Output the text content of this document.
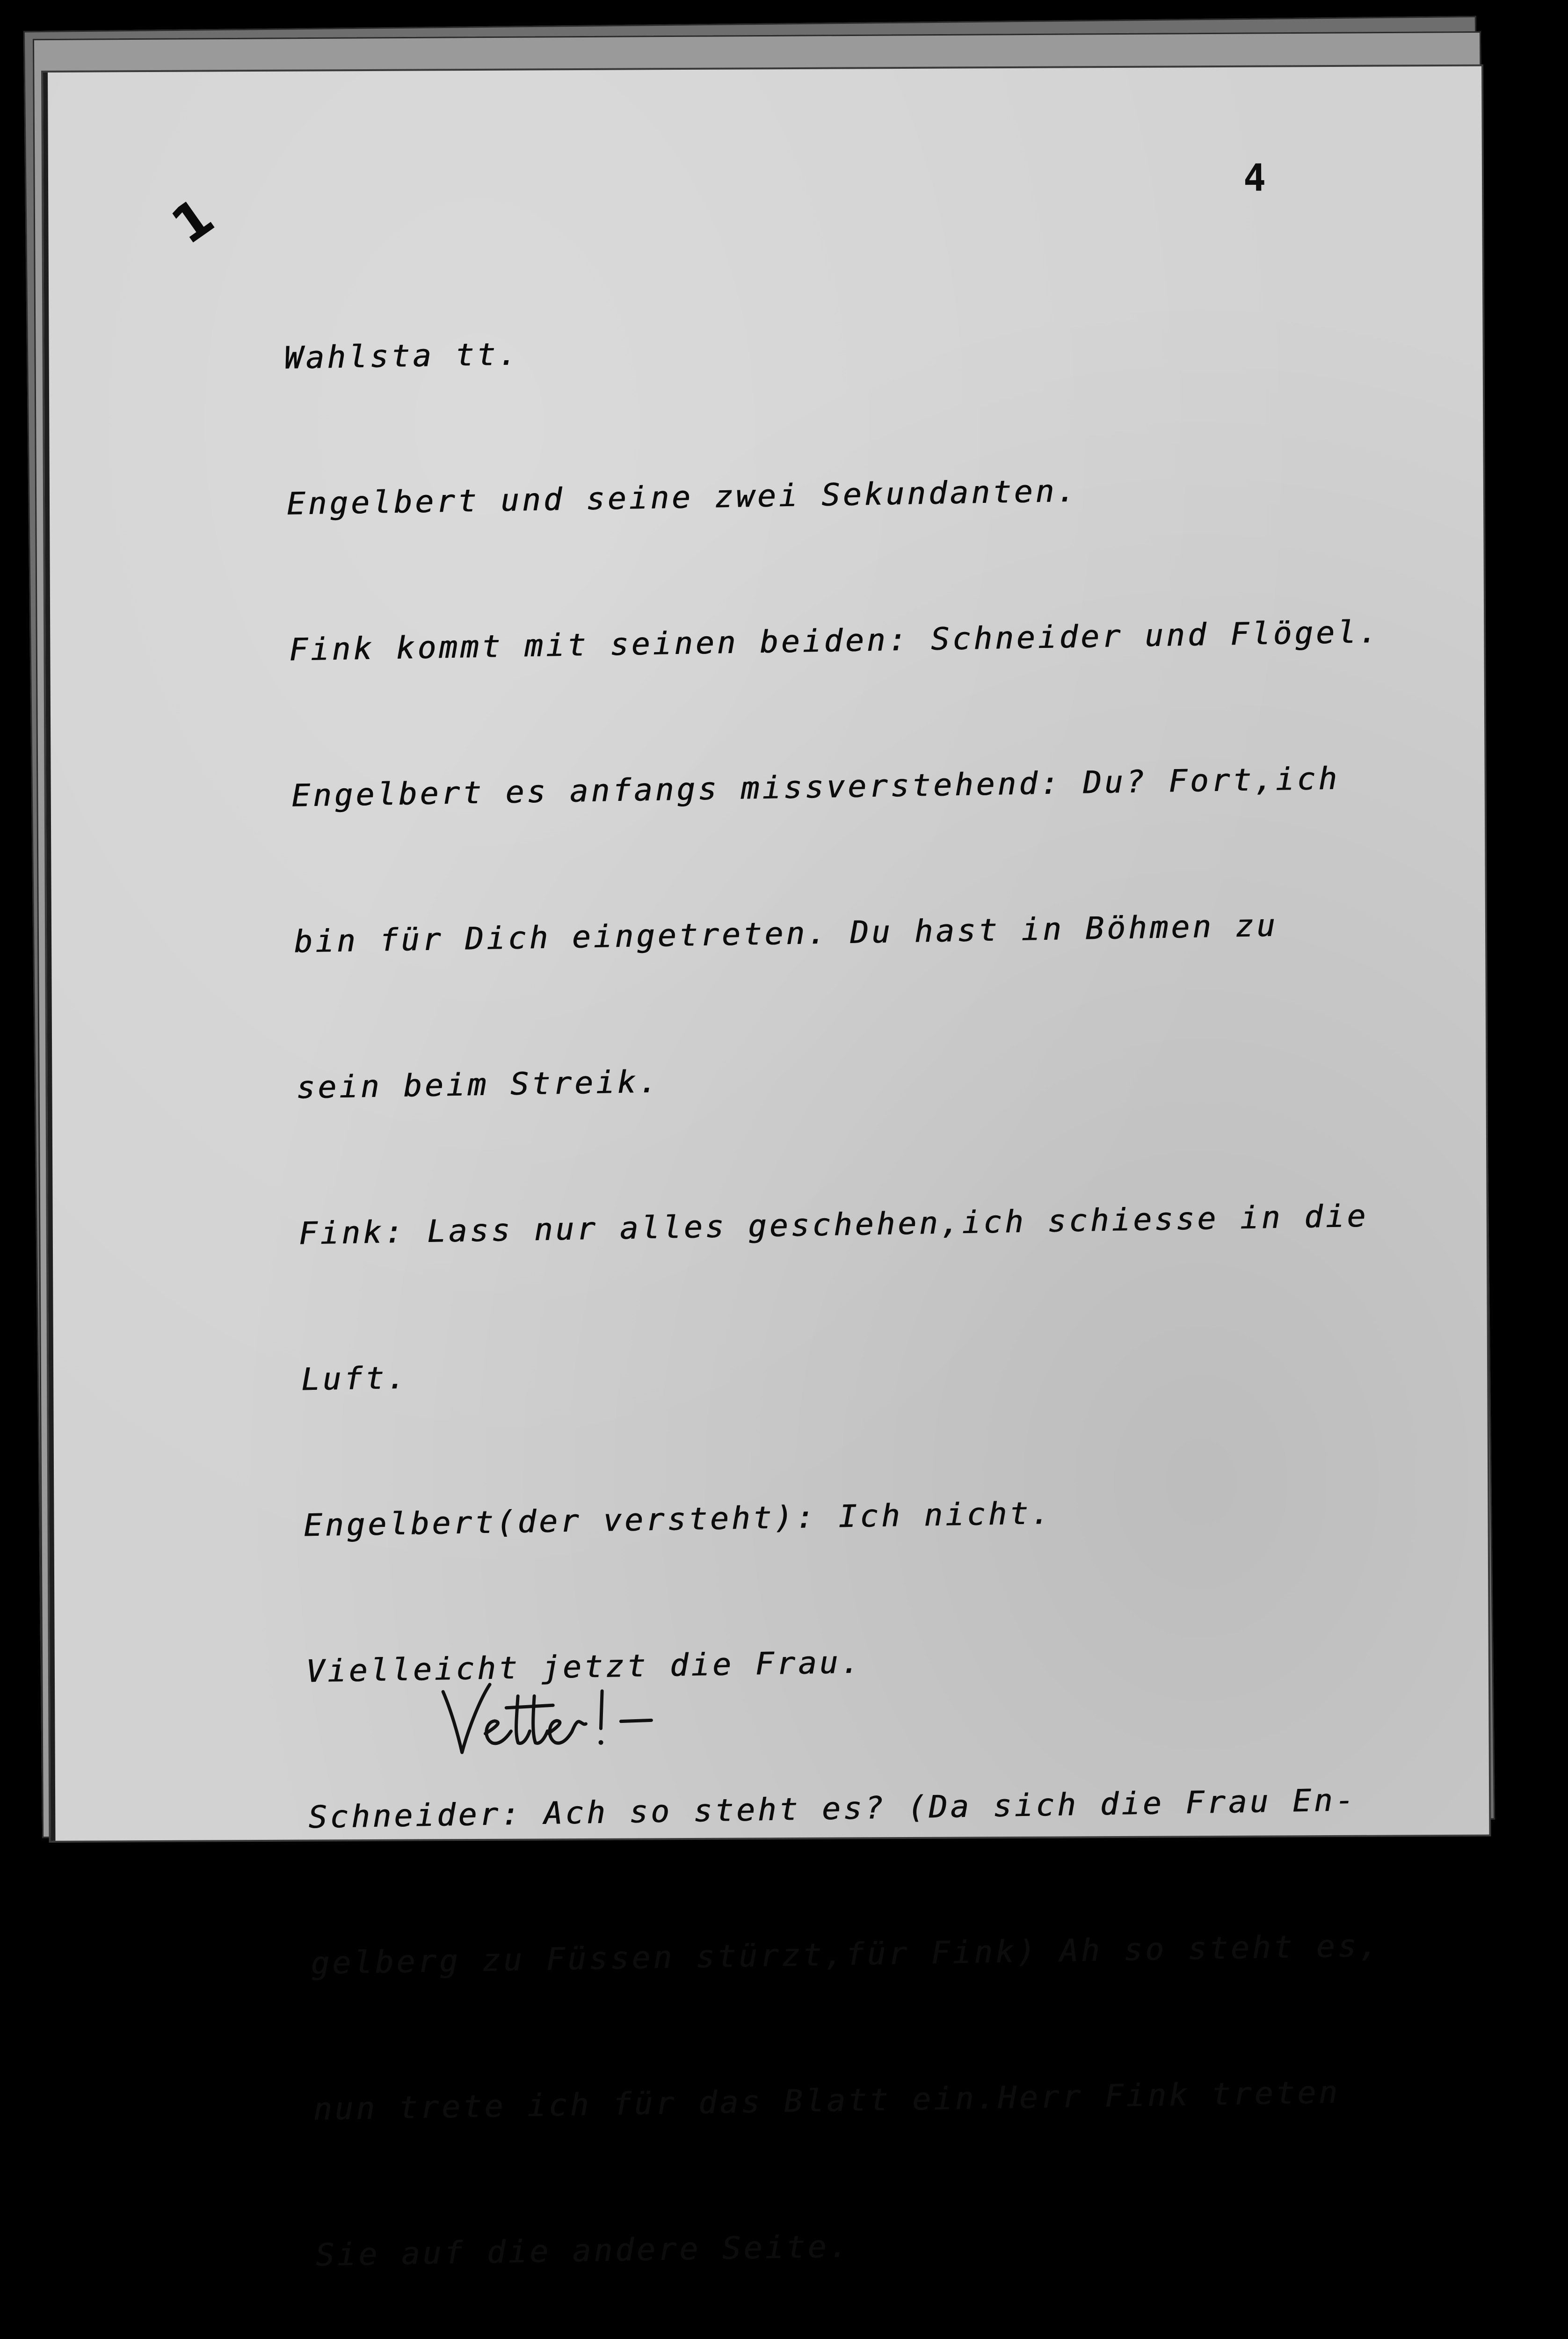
1
4

Wahlsta tt.

Engelbert und seine zwei Sekundanten.

Fink kommt mit seinen beiden: Schneider und Flögel.

Engelbert es anfangs missverstehend: Du? Fort,ich

bin für Dich eingetreten. Du hast in Böhmen zu

sein beim Streik.

Fink: Lass nur alles geschehen,ich schiesse in die

Luft.

Engelbert(der versteht): Ich nicht.

Vielleicht jetzt die Frau.

Schneider: Ach so steht es? (Da sich die Frau En-

gelberg zu Füssen stürzt,für Fink) Ah so steht es,

nun trete ich für das Blatt ein.Herr Fink treten

Sie auf die andere Seite.
